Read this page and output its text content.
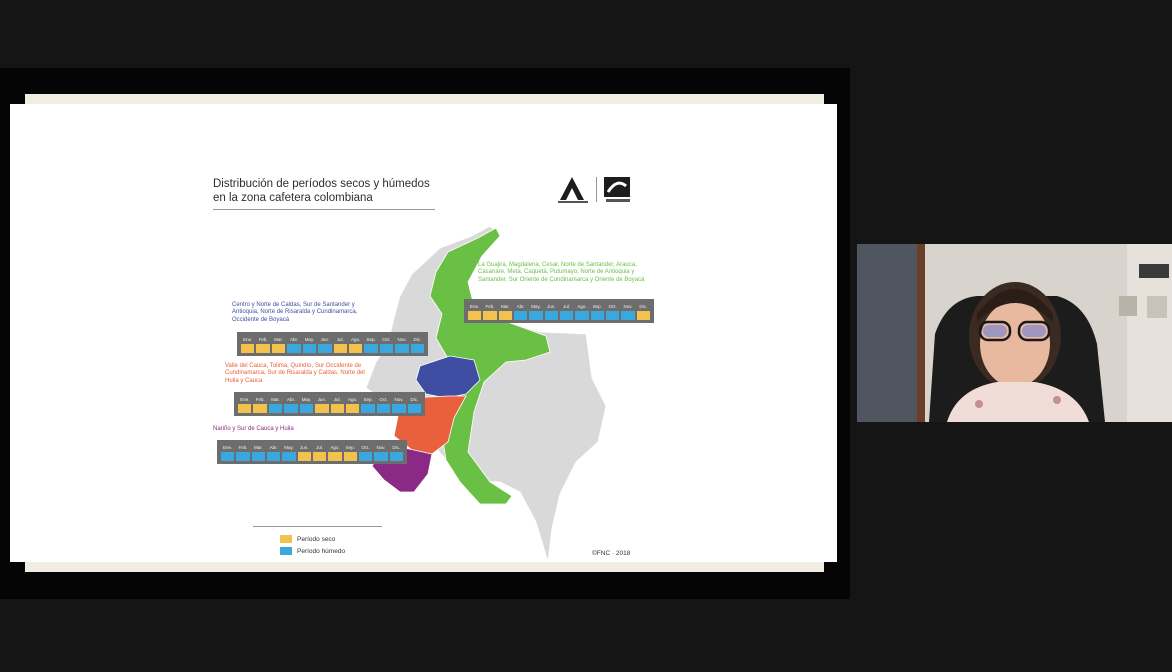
Distribución de períodos secos y húmedos
en la zona cafetera colombiana
La Guajira, Magdalena, Cesar, Norte de Santander, Arauca, Casanare, Meta, Caquetá, Putumayo, Norte de Antioquia y Santander, Sur Oriente de Cundinamarca y Oriente de Boyacá
Ene.	Feb.	Mar.	Abr.	May.	Jun.	Jul.	Ago.	Sep.	Oct.	Nov.	Dic.
Centro y Norte de Caldas, Sur de Santander y Antioquia, Norte de Risaralda y Cundinamarca, Occidente de Boyacá
Ene.	Feb.	Mar.	Abr.	May.	Jun.	Jul.	Ago.	Sep.	Oct.	Nov.	Dic.
Valle del Cauca, Tolima, Quindío, Sur Occidente de Cundinamarca, Sur de Risaralda y Caldas, Norte del Huila y Cauca
Ene.	Feb.	Mar.	Abr.	May.	Jun.	Jul.	Ago.	Sep.	Oct.	Nov.	Dic.
Nariño y Sur de Cauca y Huila
Ene.	Feb.	Mar.	Abr.	May.	Jun.	Jul.	Ago.	Sep.	Oct.	Nov.	Dic.
Período seco
Período húmedo	©FNC · 2018
